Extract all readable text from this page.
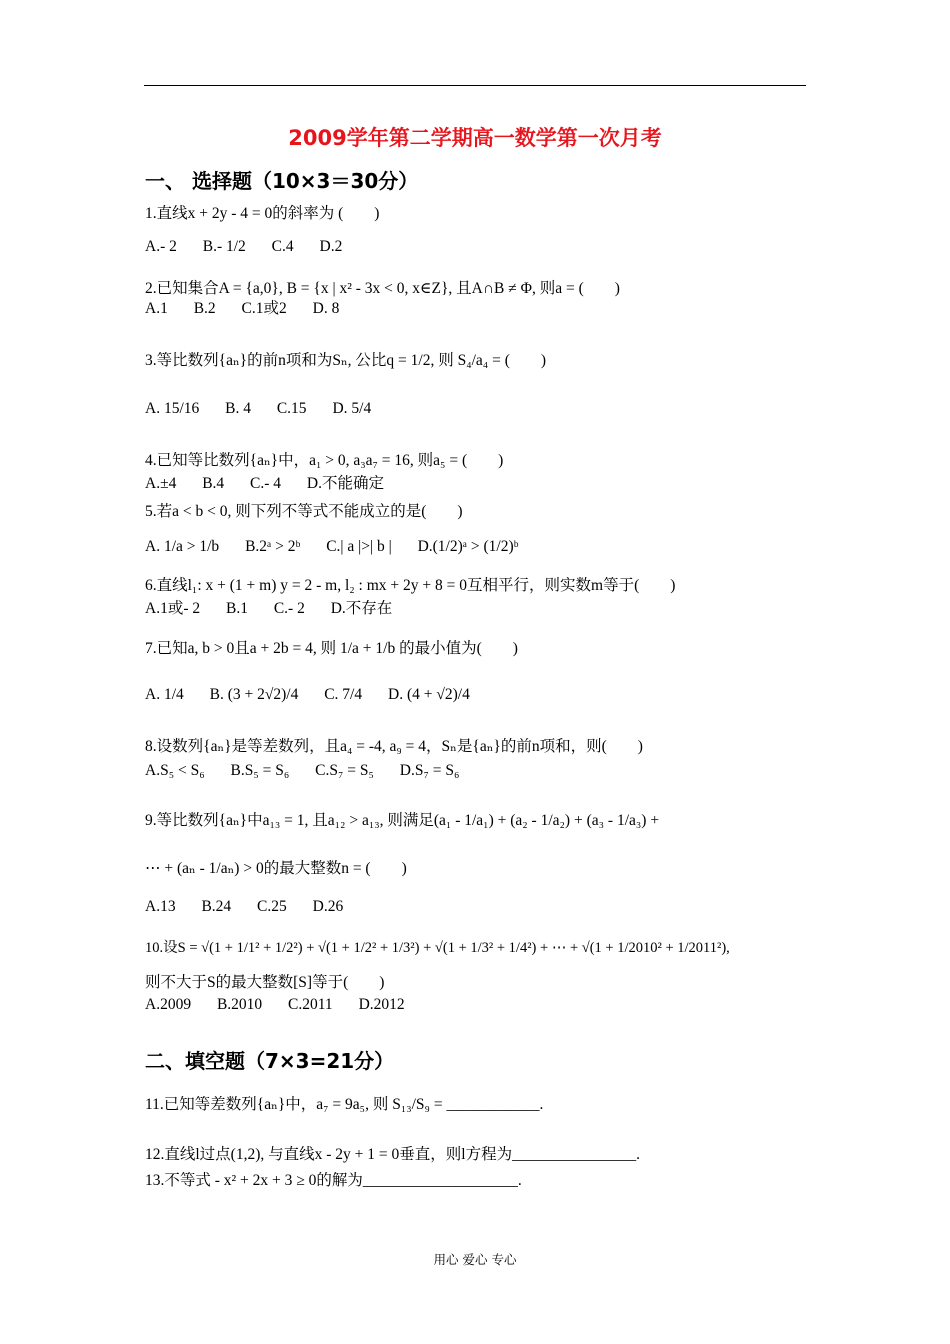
2009学年第二学期高一数学第一次月考
一、 选择题（10×3＝30分）
1.直线x + 2y - 4 = 0的斜率为 (　　)
A.- 2 B.- 1/2 C.4 D.2
2.已知集合A = {a,0}, B = {x | x² - 3x < 0, x∈Z}, 且A∩B ≠ Φ, 则a = (　　)
A.1 B.2 C.1或2 D. 8
3.等比数列{aₙ}的前n项和为Sₙ, 公比q = 1/2, 则 S₄/a₄ = (　　)
A. 15/16 B. 4 C.15 D. 5/4
4.已知等比数列{aₙ}中，a₁ > 0, a₃a₇ = 16, 则a₅ = (　　)
A.±4 B.4 C.- 4 D.不能确定
5.若a < b < 0, 则下列不等式不能成立的是(　　)
A. 1/a > 1/b B.2ᵃ > 2ᵇ C.| a |>| b | D.(1/2)ᵃ > (1/2)ᵇ
6.直线l₁: x + (1 + m) y = 2 - m, l₂ : mx + 2y + 8 = 0互相平行，则实数m等于(　　)
A.1或- 2 B.1 C.- 2 D.不存在
7.已知a, b > 0且a + 2b = 4, 则 1/a + 1/b 的最小值为(　　)
A. 1/4 B. (3 + 2√2)/4 C. 7/4 D. (4 + √2)/4
8.设数列{aₙ}是等差数列，且a₄ = -4, a₉ = 4，Sₙ是{aₙ}的前n项和，则(　　)
A.S₅ < S₆ B.S₅ = S₆ C.S₇ = S₅ D.S₇ = S₆
9.等比数列{aₙ}中a₁₃ = 1, 且a₁₂ > a₁₃, 则满足(a₁ - 1/a₁) + (a₂ - 1/a₂) + (a₃ - 1/a₃) +
⋯ + (aₙ - 1/aₙ) > 0的最大整数n = (　　)
A.13 B.24 C.25 D.26
10.设S = √(1 + 1/1² + 1/2²) + √(1 + 1/2² + 1/3²) + √(1 + 1/3² + 1/4²) + ⋯ + √(1 + 1/2010² + 1/2011²),
则不大于S的最大整数[S]等于(　　)
A.2009 B.2010 C.2011 D.2012
二、填空题（7×3=21分）
11.已知等差数列{aₙ}中，a₇ = 9a₅, 则 S₁₃/S₉ = ____________.
12.直线l过点(1,2), 与直线x - 2y + 1 = 0垂直，则l方程为________________.
13.不等式 - x² + 2x + 3 ≥ 0的解为____________________.
用心 爱心 专心
